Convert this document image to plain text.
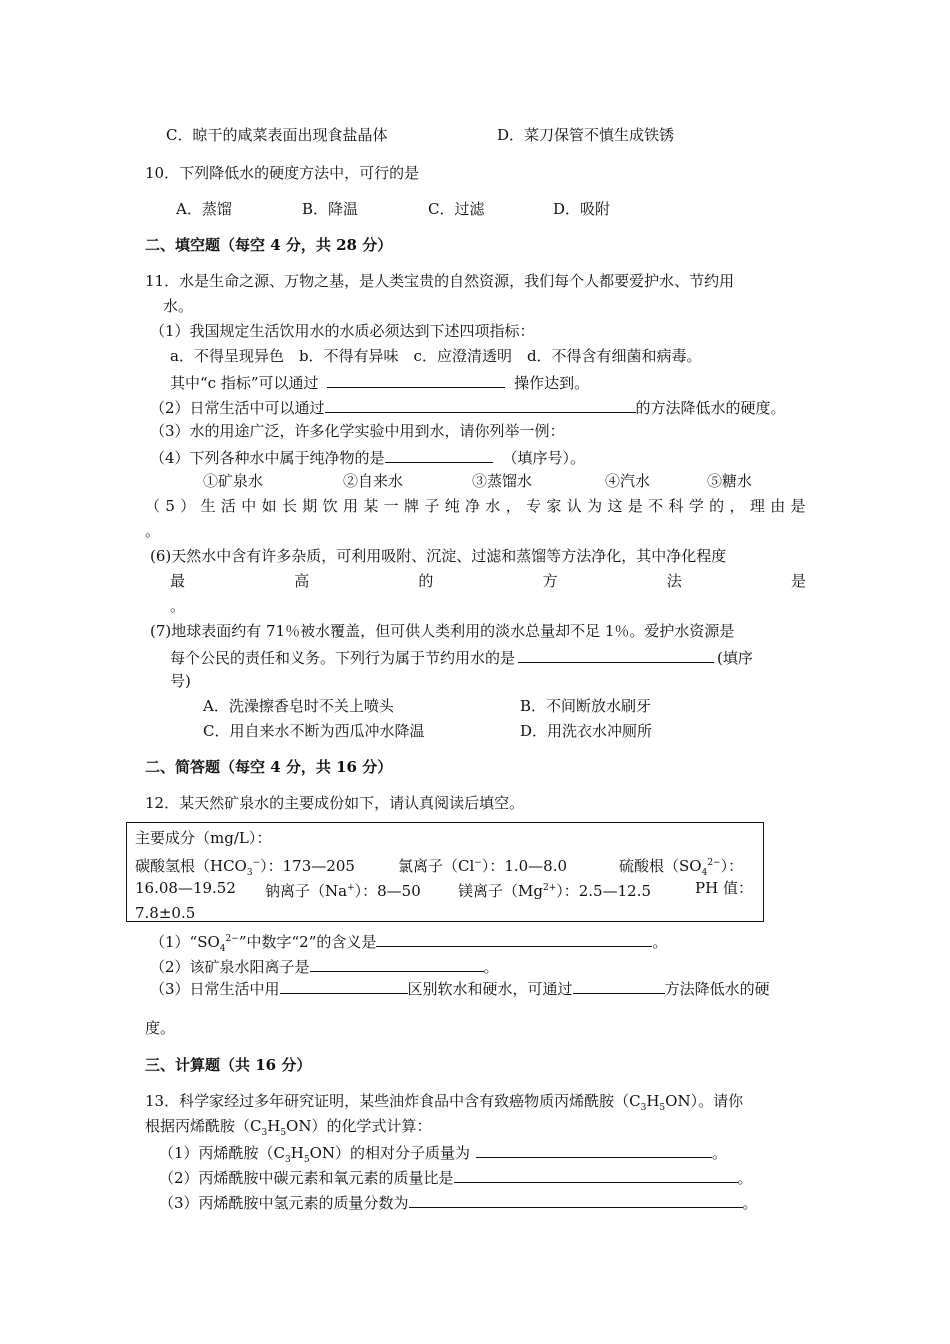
C．晾干的咸菜表面出现食盐晶体	D．菜刀保管不慎生成铁锈
10．下列降低水的硬度方法中，可行的是
A．蒸馏	B．降温	C．过滤	D．吸附
二、填空题（每空 4 分，共 28 分）
11．水是生命之源、万物之基，是人类宝贵的自然资源，我们每个人都要爱护水、节约用
水。
（1）我国规定生活饮用水的水质必须达到下述四项指标：
a．不得呈现异色　b．不得有异味　c．应澄清透明　d．不得含有细菌和病毒。
其中“c 指标”可以通过	操作达到。
（2）日常生活中可以通过	的方法降低水的硬度。
（3）水的用途广泛，许多化学实验中用到水，请你列举一例：
（4）下列各种水中属于纯净物的是	（填序号）。
①矿泉水	②自来水	③蒸馏水	④汽水	⑤糖水
（ 5 ） 生 活 中 如 长 期 饮 用 某 一 牌 子 纯 净 水 ， 专 家 认 为 这 是 不 科 学 的 ， 理 由 是
。
(6)天然水中含有许多杂质，可利用吸附、沉淀、过滤和蒸馏等方法净化，其中净化程度
最	高	的	方	法	是
。
(7)地球表面约有 71％被水覆盖，但可供人类利用的淡水总量却不足 1％。爱护水资源是
每个公民的责任和义务。下列行为属于节约用水的是	(填序
号)
A．洗澡擦香皂时不关上喷头	B．不间断放水刷牙
C．用自来水不断为西瓜冲水降温	D．用洗衣水冲厕所
二、简答题（每空 4 分，共 16 分）
12．某天然矿泉水的主要成份如下，请认真阅读后填空。
主要成分（mg/L）：
碳酸氢根$(HCO_3^-)$：173—205	氯离子（Cl−）：1.0—8.0	硫酸根$(SO_4^{2-})$：
16.08—19.52 钠离子（Na+）：8—50 镁离子$(Mg^{2+})$：2.5—12.5	PH 值：
7.8±0.5
$(1)“SO_4^{2-}$”中数字“2”的含义是	。
（2）该矿泉水阳离子是	。
（3）日常生活中用	区别软水和硬水，可通过	方法降低水的硬
度。
三、计算题（共 16 分）
13．科学家经过多年研究证明，某些油炸食品中含有致癌物质丙烯酰胺$(C_3H_5ON)$。请你
根据丙烯酰胺$(C_3H_5ON)$的化学式计算：
（1）丙烯酰胺$(C_3H_5ON)$的相对分子质量为	。
（2）丙烯酰胺中碳元素和氧元素的质量比是	。
（3）丙烯酰胺中氢元素的质量分数为	。
